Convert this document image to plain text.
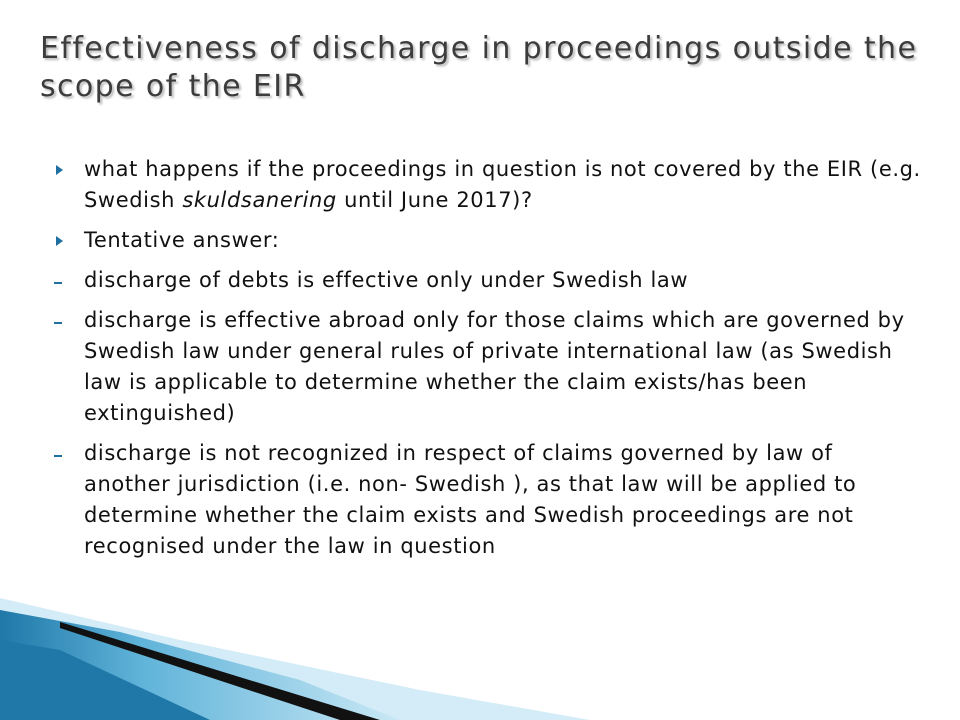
Effectiveness of discharge in proceedings outside the scope of the EIR
what happens if the proceedings in question is not covered by the EIR (e.g. Swedish skuldsanering until June 2017)?
Tentative answer:
discharge of debts is effective only under Swedish law
discharge is effective abroad only for those claims which are governed by Swedish law under general rules of private international law (as Swedish law is applicable to determine whether the claim exists/has been extinguished)
discharge is not recognized in respect of claims governed by law of another jurisdiction (i.e. non- Swedish ), as that law will be applied to determine whether the claim exists and Swedish proceedings are not recognised under the law in question
